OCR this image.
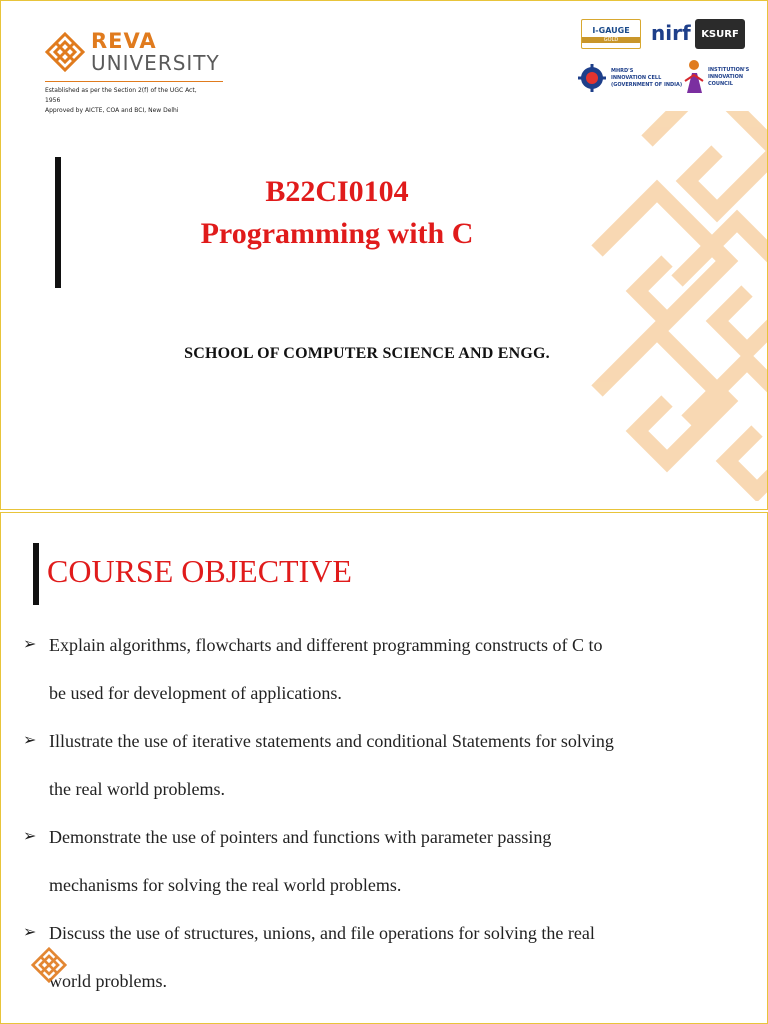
REVA
UNIVERSITY
Established as per the Section 2(f) of the UGC Act,
1956
Approved by AICTE, COA and BCI, New Delhi
I-GAUGE
GOLD	nirf	KSURF
MHRD'S
INNOVATION CELL
(GOVERNMENT OF INDIA)
INSTITUTION'S
INNOVATION
COUNCIL
B22CI0104
Programming with C
SCHOOL OF COMPUTER SCIENCE AND ENGG.
COURSE OBJECTIVE
➢ Explain algorithms, flowcharts and different programming constructs of C to
be used for development of applications.
➢ Illustrate the use of iterative statements and conditional Statements for solving
the real world problems.
➢ Demonstrate the use of pointers and functions with parameter passing
mechanisms for solving the real world problems.
➢ Discuss the use of structures, unions, and file operations for solving the real
world problems.
